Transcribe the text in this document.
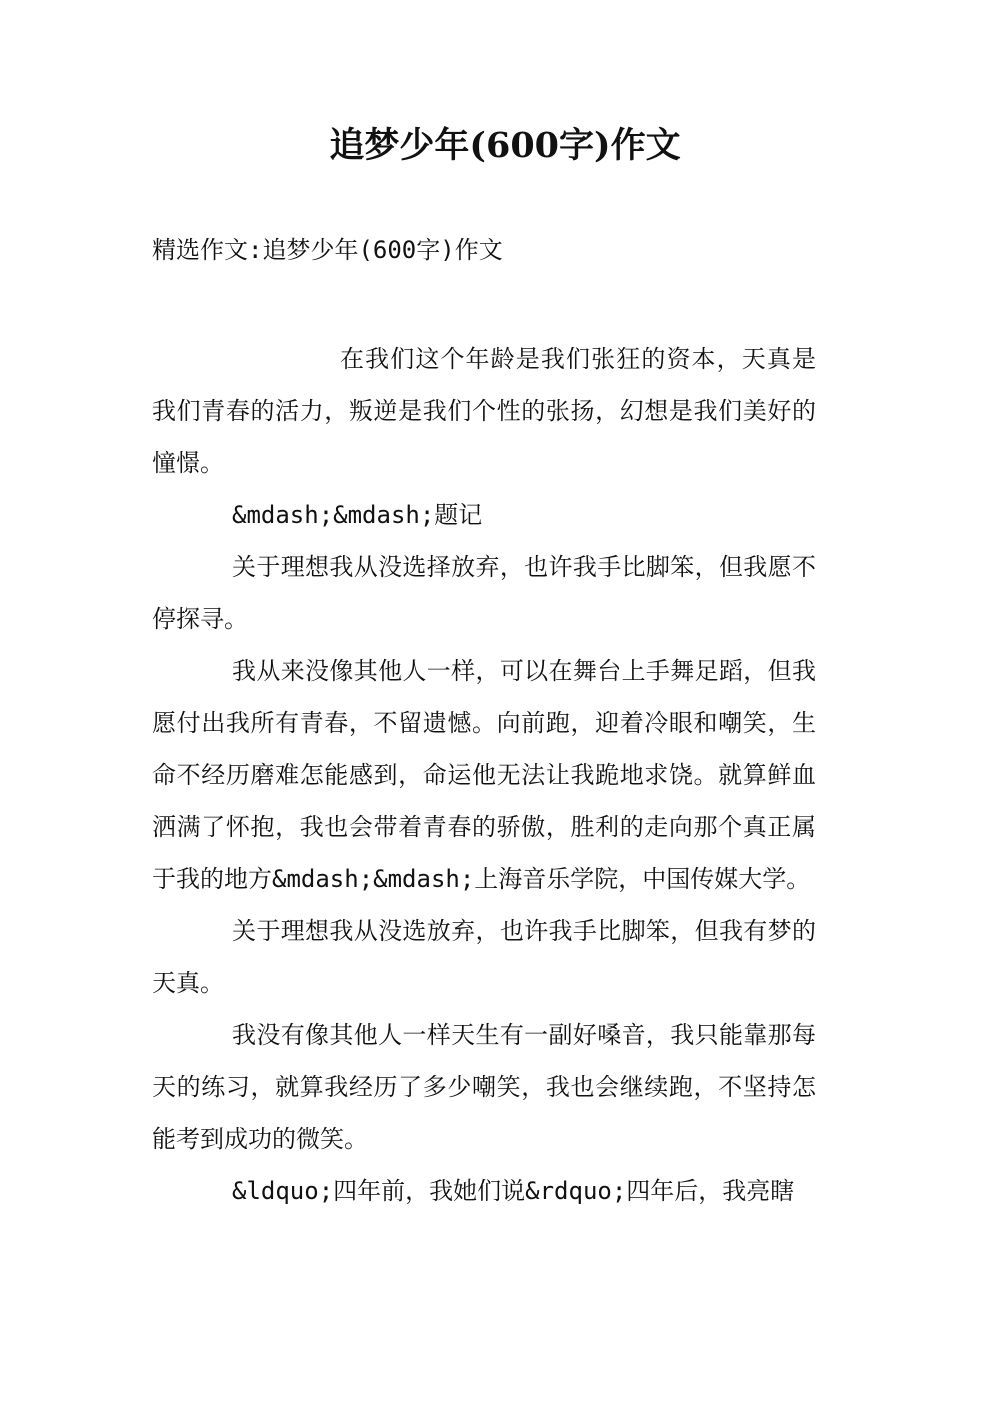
追梦少年(600字)作文
精选作文:追梦少年(600字)作文

在我们这个年龄是我们张狂的资本，天真是我们青春的活力，叛逆是我们个性的张扬，幻想是我们美好的憧憬。

&mdash;&mdash;题记

关于理想我从没选择放弃，也许我手比脚笨，但我愿不停探寻。

我从来没像其他人一样，可以在舞台上手舞足蹈，但我愿付出我所有青春，不留遗憾。向前跑，迎着冷眼和嘲笑，生命不经历磨难怎能感到，命运他无法让我跪地求饶。就算鲜血洒满了怀抱，我也会带着青春的骄傲，胜利的走向那个真正属于我的地方&mdash;&mdash;上海音乐学院，中国传媒大学。

关于理想我从没选放弃，也许我手比脚笨，但我有梦的天真。

我没有像其他人一样天生有一副好嗓音，我只能靠那每天的练习，就算我经历了多少嘲笑，我也会继续跑，不坚持怎能考到成功的微笑。

&ldquo;四年前，我她们说&rdquo;四年后，我亮瞎
